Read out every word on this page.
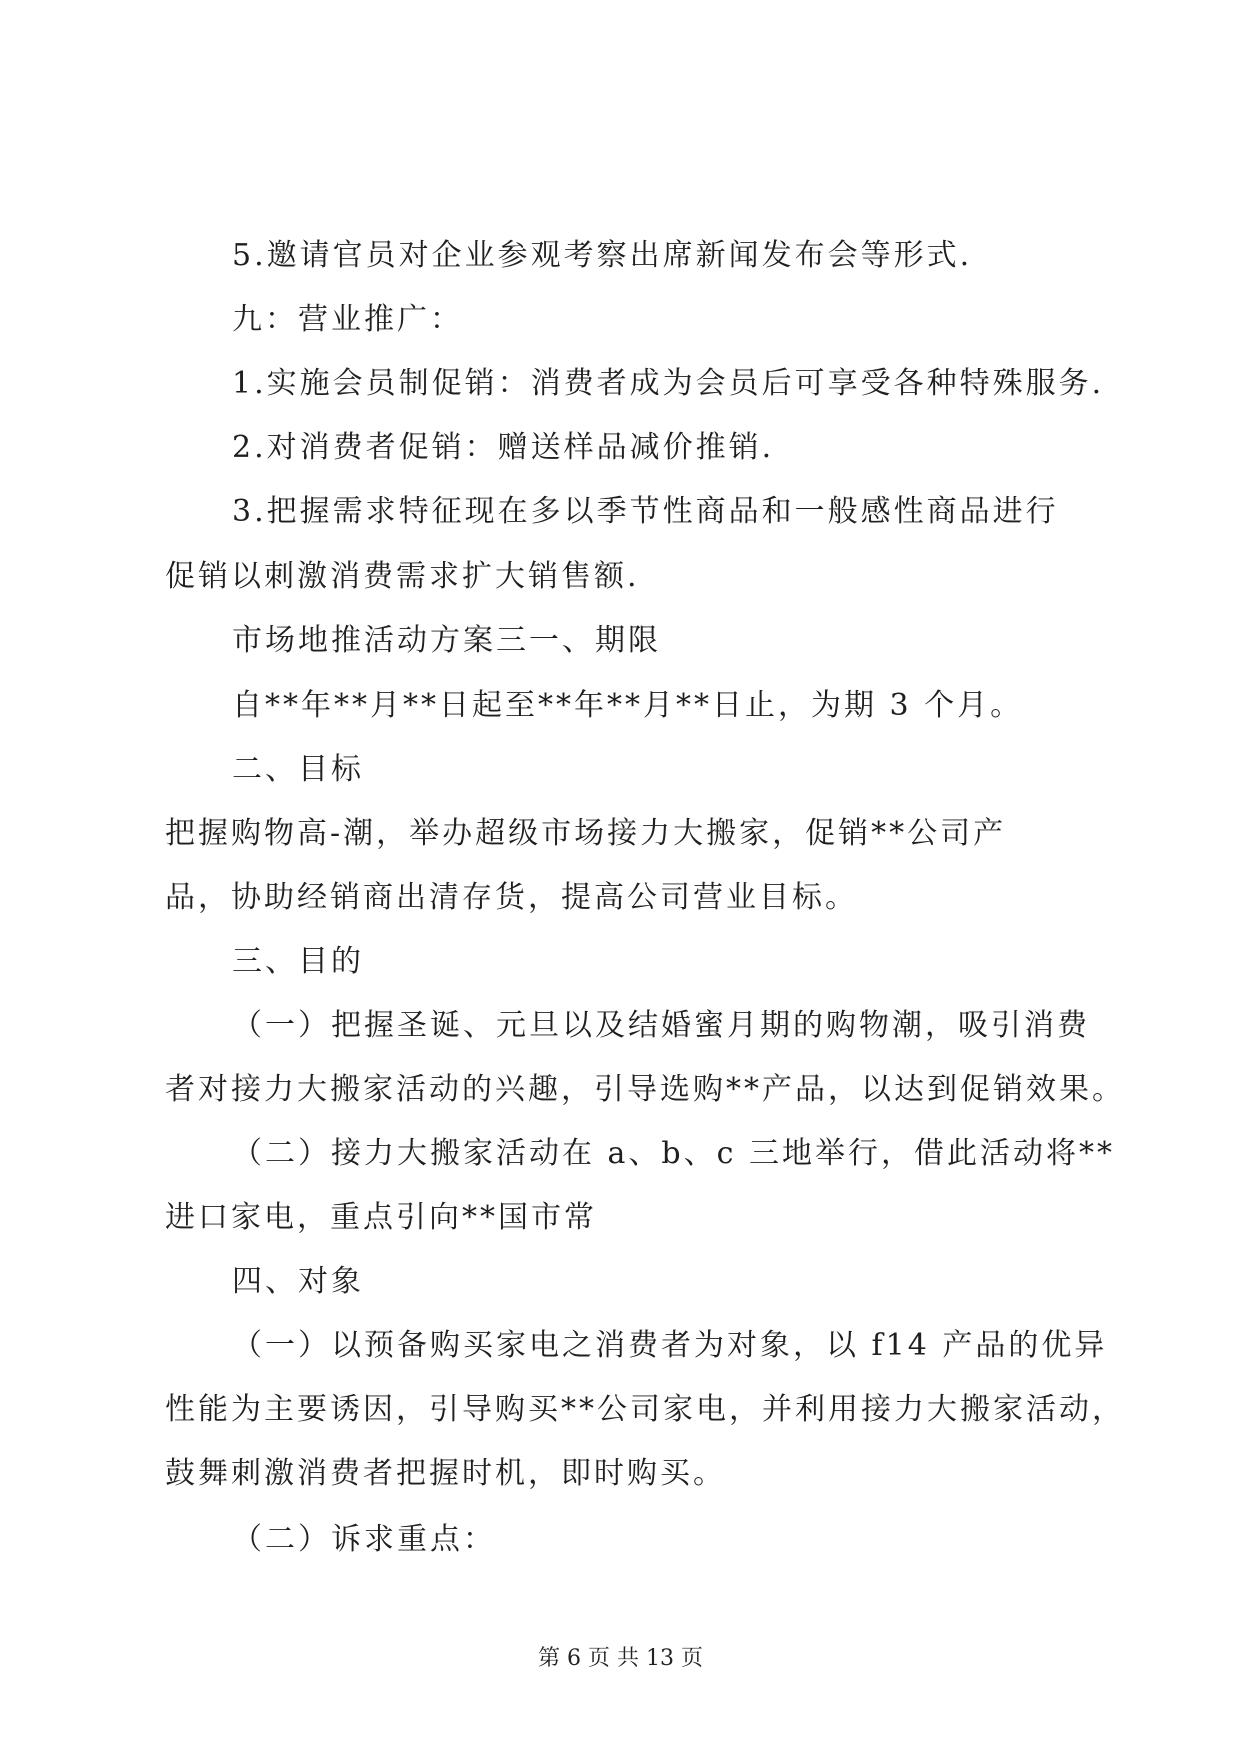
5.邀请官员对企业参观考察出席新闻发布会等形式.

九：营业推广：

1.实施会员制促销：消费者成为会员后可享受各种特殊服务.

2.对消费者促销：赠送样品减价推销.

3.把握需求特征现在多以季节性商品和一般感性商品进行

促销以刺激消费需求扩大销售额.

市场地推活动方案三一、期限

自**年**月**日起至**年**月**日止，为期 3 个月。

二、目标

把握购物高-潮，举办超级市场接力大搬家，促销**公司产

品，协助经销商出清存货，提高公司营业目标。

三、目的

（一）把握圣诞、元旦以及结婚蜜月期的购物潮，吸引消费

者对接力大搬家活动的兴趣，引导选购**产品，以达到促销效果。

（二）接力大搬家活动在 a、b、c 三地举行，借此活动将**

进口家电，重点引向**国市常

四、对象

（一）以预备购买家电之消费者为对象，以 f14 产品的优异

性能为主要诱因，引导购买**公司家电，并利用接力大搬家活动，

鼓舞刺激消费者把握时机，即时购买。

（二）诉求重点：

第 6 页 共 13 页
